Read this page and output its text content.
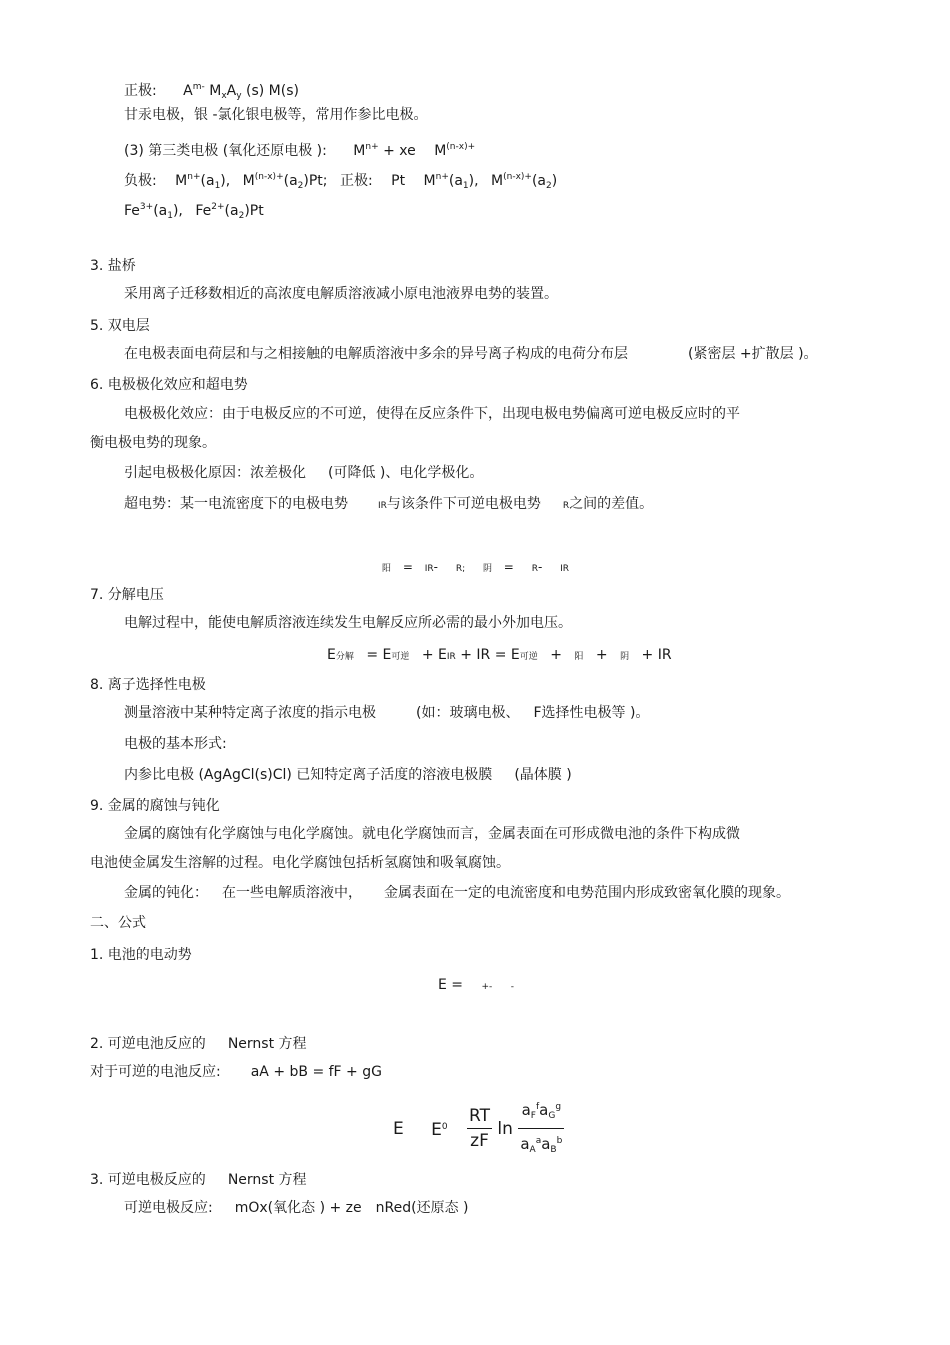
正极: $A^{m-}$ $M_xA_y$ (s) M(s)
甘汞电极，银 -氯化银电极等，常用作参比电极。
(3) 第三类电极 (氧化还原电极 ): $M^{n+}$ + xe $M^{(n-x)+}$
负极: $M^{n+}(a_1)$, $M^{(n-x)+}(a_2)Pt$; 正极: Pt $M^{n+}(a_1)$, $M^{(n-x)+}(a_2)$
$Fe^{3+}(a_1)$, $Fe^{2+}(a_2)Pt$
3. 盐桥
采用离子迁移数相近的高浓度电解质溶液减小原电池液界电势的装置。
5. 双电层
在电极表面电荷层和与之相接触的电解质溶液中多余的异号离子构成的电荷分布层	(紧密层 +扩散层 )。
6. 电极极化效应和超电势
电极极化效应：由于电极反应的不可逆，使得在反应条件下，出现电极电势偏离可逆电极反应时的平
衡电极电势的现象。
引起电极极化原因：浓差极化 (可降低 )、电化学极化。
超电势：某一电流密度下的电极电势	IR与该条件下可逆电极电势 R之间的差值。
阳 = IR- R; 阴 = R- IR
7. 分解电压
电解过程中，能使电解质溶液连续发生电解反应所必需的最小外加电压。
E分解 = E可逆 + EIR + IR = E可逆 + 阳 + 阴 + IR
8. 离子选择性电极
测量溶液中某种特定离子浓度的指示电极	(如：玻璃电极、 F选择性电极等 )。
电极的基本形式:
内参比电极 (AgAgCl(s)Cl) 已知特定离子活度的溶液电极膜 (晶体膜 )
9. 金属的腐蚀与钝化
金属的腐蚀有化学腐蚀与电化学腐蚀。就电化学腐蚀而言，金属表面在可形成微电池的条件下构成微
电池使金属发生溶解的过程。电化学腐蚀包括析氢腐蚀和吸氧腐蚀。
金属的钝化： 在一些电解质溶液中， 金属表面在一定的电流密度和电势范围内形成致密氧化膜的现象。
二、公式
1. 电池的电动势
E = +- -
2. 可逆电池反应的 Nernst 方程
对于可逆的电池反应: aA + bB = fF + gG
E $E^0 \frac{RT}{zF}$ $\ln \frac{a_F^fa_G^g}{a_A^aa_B^b}$
3. 可逆电极反应的 Nernst 方程
可逆电极反应: mOx(氧化态 ) + ze nRed(还原态 )
